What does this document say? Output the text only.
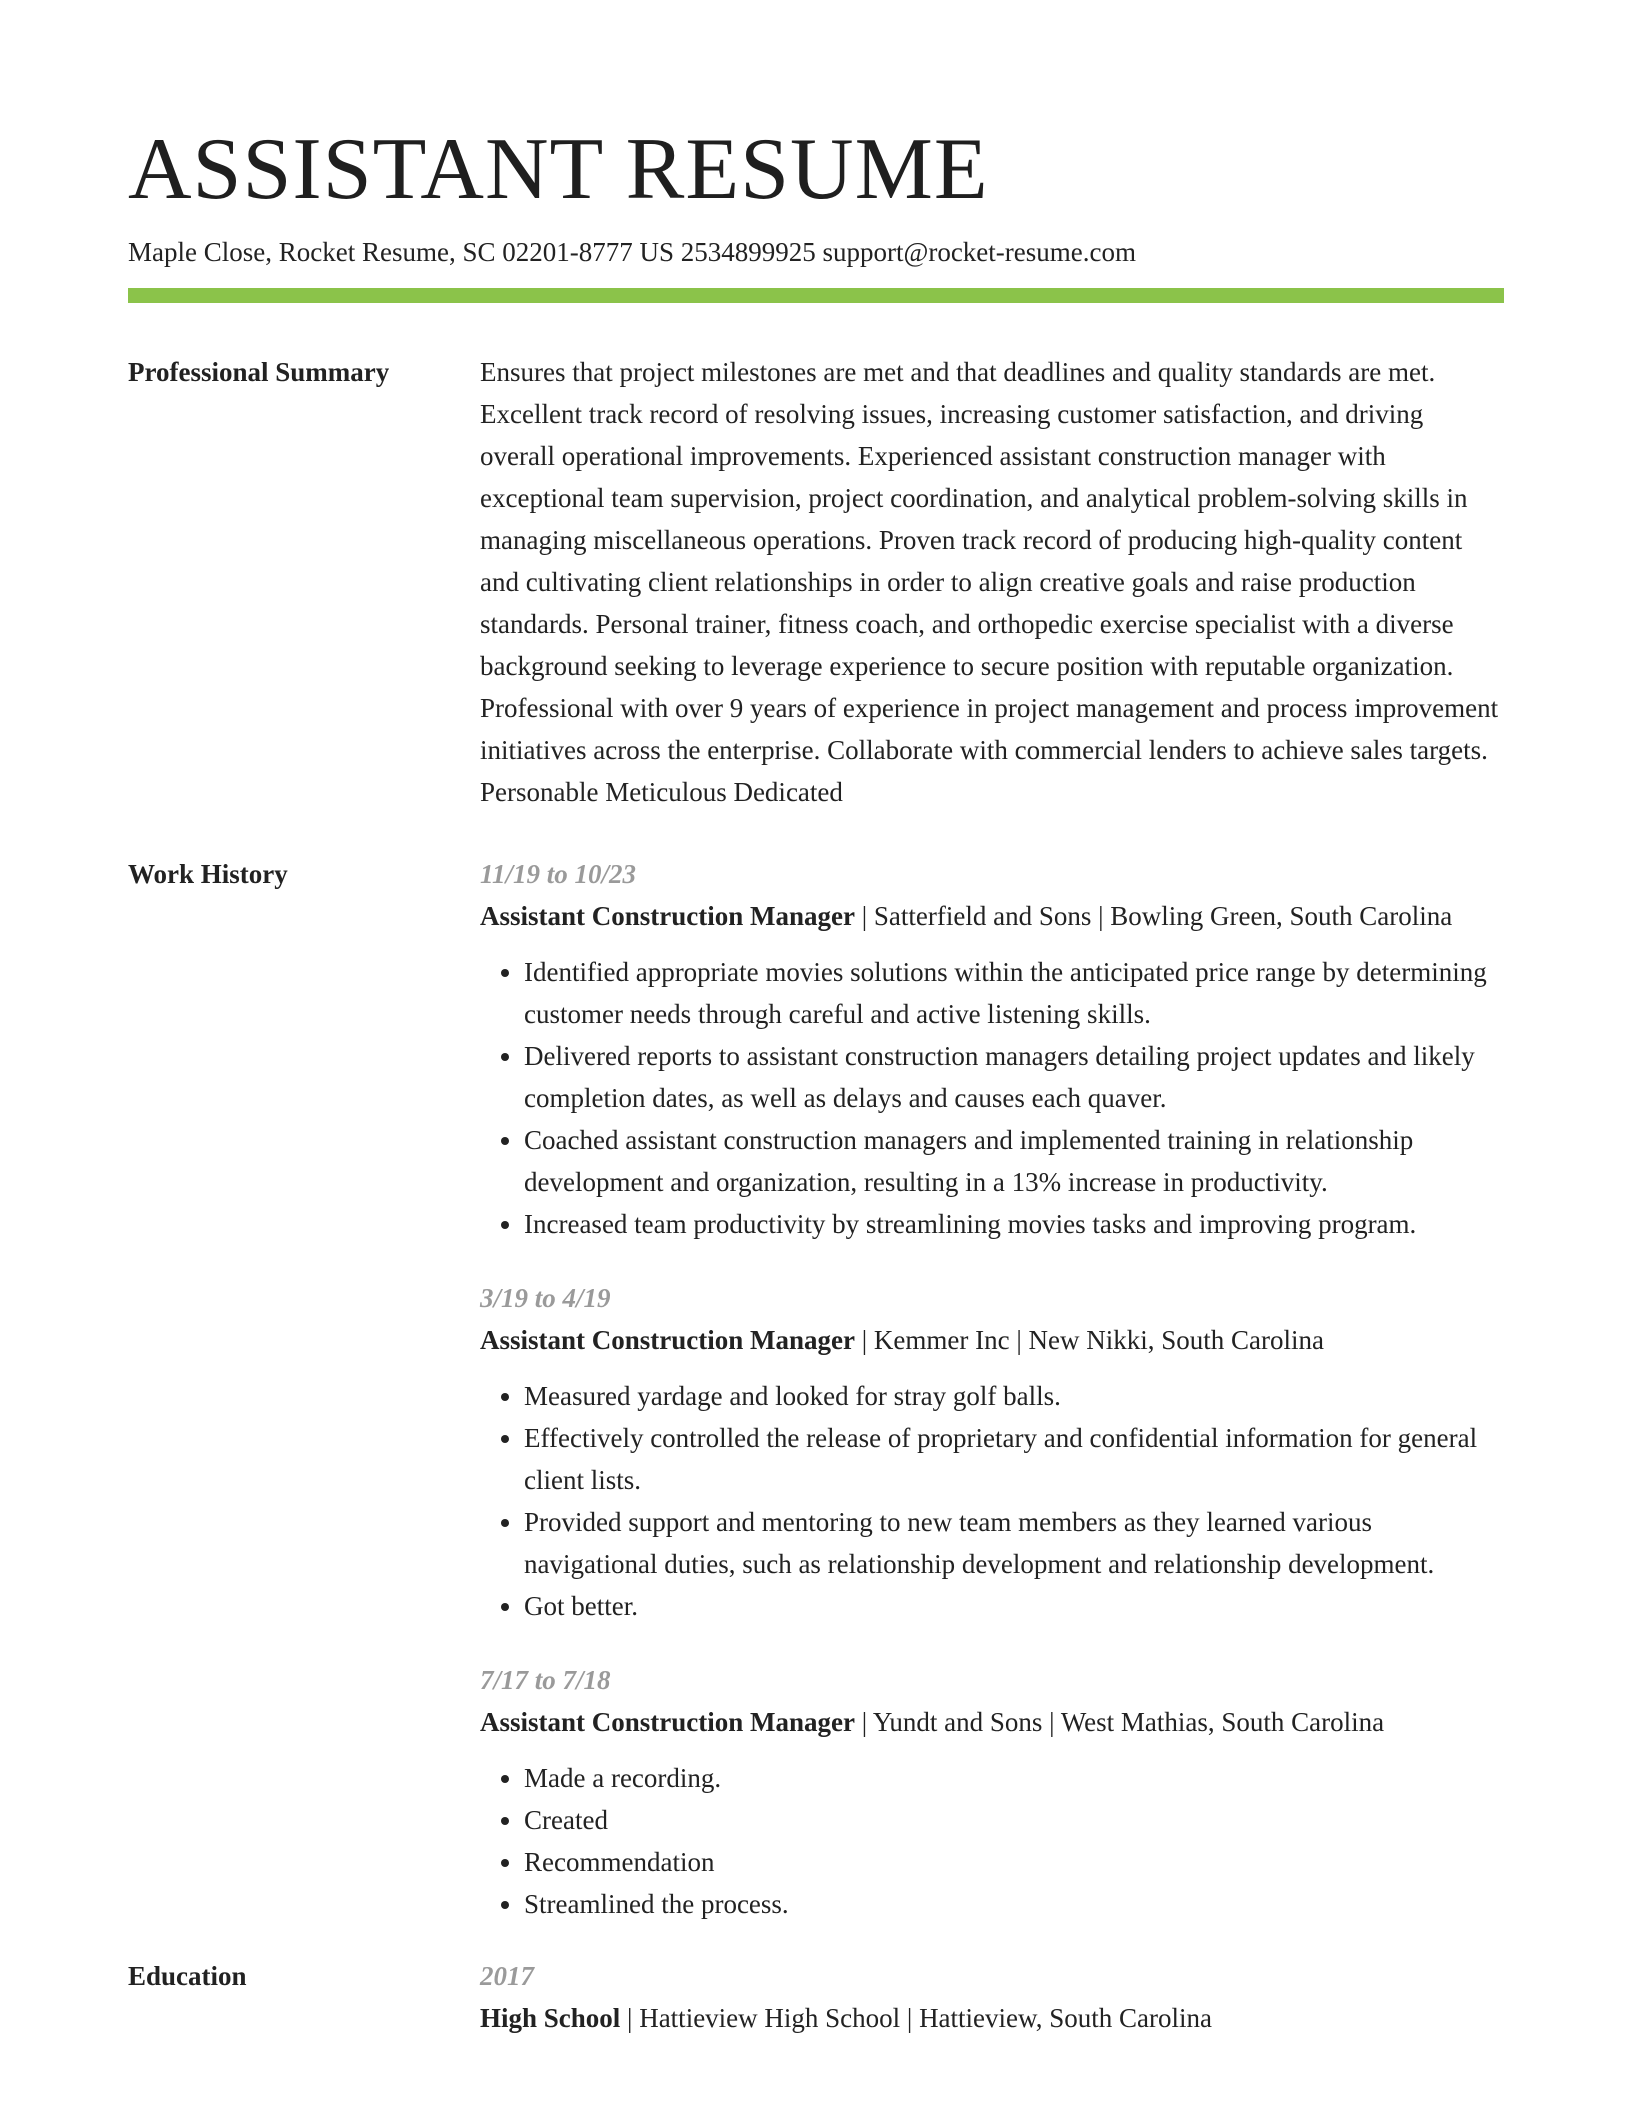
ASSISTANT RESUME
Maple Close, Rocket Resume, SC 02201-8777 US 2534899925 support@rocket-resume.com
Professional Summary	Ensures that project milestones are met and that deadlines and quality standards are met. Excellent track record of resolving issues, increasing customer satisfaction, and driving overall operational improvements. Experienced assistant construction manager with exceptional team supervision, project coordination, and analytical problem-solving skills in managing miscellaneous operations. Proven track record of producing high-quality content and cultivating client relationships in order to align creative goals and raise production standards. Personal trainer, fitness coach, and orthopedic exercise specialist with a diverse background seeking to leverage experience to secure position with reputable organization. Professional with over 9 years of experience in project management and process improvement initiatives across the enterprise. Collaborate with commercial lenders to achieve sales targets. Personable Meticulous Dedicated
Work History	11/19 to 10/23
Assistant Construction Manager | Satterfield and Sons | Bowling Green, South Carolina
• Identified appropriate movies solutions within the anticipated price range by determining customer needs through careful and active listening skills.
• Delivered reports to assistant construction managers detailing project updates and likely completion dates, as well as delays and causes each quaver.
• Coached assistant construction managers and implemented training in relationship development and organization, resulting in a 13% increase in productivity.
• Increased team productivity by streamlining movies tasks and improving program.
3/19 to 4/19
Assistant Construction Manager | Kemmer Inc | New Nikki, South Carolina
• Measured yardage and looked for stray golf balls.
• Effectively controlled the release of proprietary and confidential information for general client lists.
• Provided support and mentoring to new team members as they learned various navigational duties, such as relationship development and relationship development.
• Got better.
7/17 to 7/18
Assistant Construction Manager | Yundt and Sons | West Mathias, South Carolina
• Made a recording.
• Created
• Recommendation
• Streamlined the process.
Education	2017
High School | Hattieview High School | Hattieview, South Carolina
